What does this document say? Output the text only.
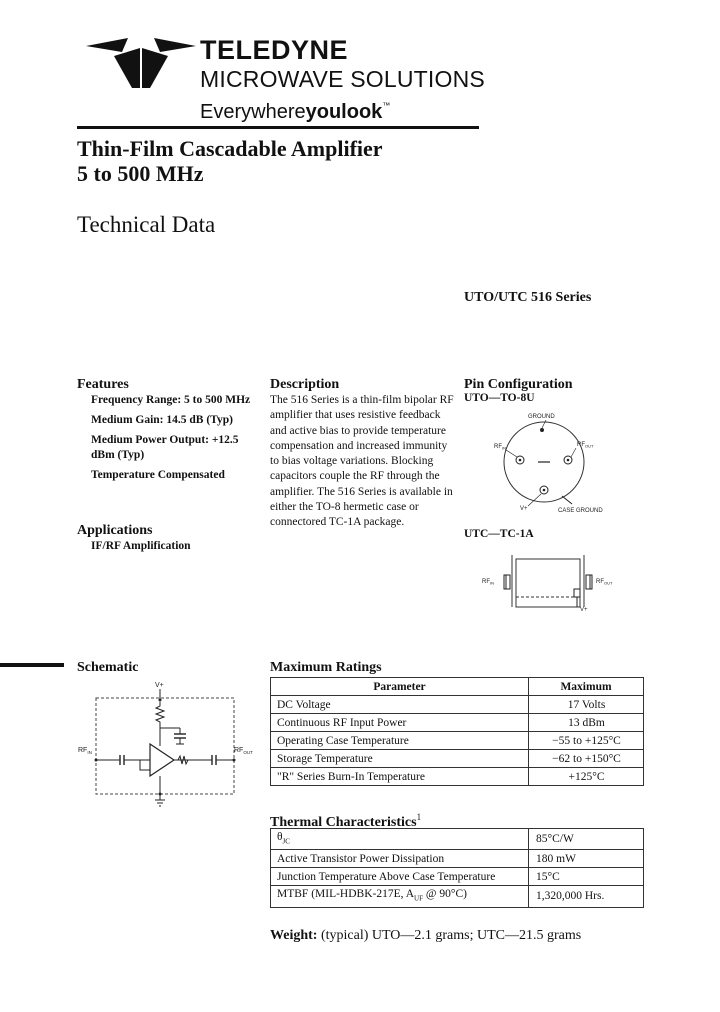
TELEDYNE
MICROWAVE SOLUTIONS
Everywhereyoulook™
Thin-Film Cascadable Amplifier
5 to 500 MHz
Technical Data
UTO/UTC 516 Series
Features
Frequency Range: 5 to 500 MHz
Medium Gain: 14.5 dB (Typ)
Medium Power Output: +12.5 dBm (Typ)
Temperature Compensated
Applications
IF/RF Amplification
Description
The 516 Series is a thin-film bipolar RF amplifier that uses resistive feedback and active bias to provide temperature compensation and increased immunity to bias voltage variations. Blocking capacitors couple the RF through the amplifier. The 516 Series is available in either the TO-8 hermetic case or connectored TC-1A package.
Pin Configuration
UTO—TO-8U
GROUND
$RF_{IN}$	$RF_{OUT}$
V+	CASE GROUND
UTC—TC-1A
$RF_{IN}$	$RF_{OUT}$
V+
Schematic
V+
$RF_{IN}$	$RF_{OUT}$
Maximum Ratings
Parameter	Maximum
DC Voltage	17 Volts
Continuous RF Input Power	13 dBm
Operating Case Temperature	−55 to +125°C
Storage Temperature	−62 to +150°C
"R" Series Burn-In Temperature	+125°C
Thermal Characteristics$^1$
$\theta_{JC}$	85°C/W
Active Transistor Power Dissipation	180 mW
Junction Temperature Above Case Temperature	15°C
MTBF (MIL-HDBK-217E, $A_{UF}$ @ 90°C)	1,320,000 Hrs.
Weight: (typical) UTO—2.1 grams; UTC—21.5 grams
